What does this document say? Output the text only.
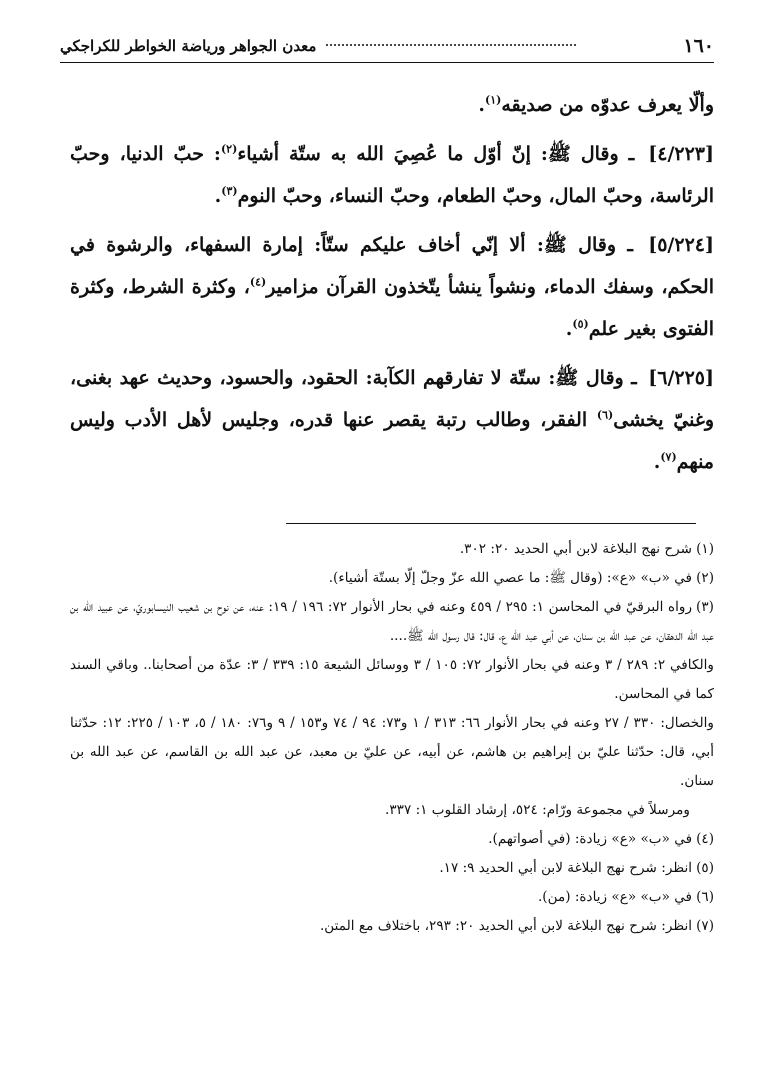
١٦٠
معدن الجواهر ورياضة الخواطر للكراجكي

وألّا يعرف عدوّه من صديقه$^{(١)}$.

[٤/٢٢٣] ـ وقال ﷺ: إنّ أوّل ما عُصِيَ الله به ستّة أشياء$^{(٢)}$: حبّ الدنيا، وحبّ الرئاسة، وحبّ المال، وحبّ الطعام، وحبّ النساء، وحبّ النوم$^{(٣)}$.

[٥/٢٢٤] ـ وقال ﷺ: ألا إنّي أخاف عليكم ستّاً: إمارة السفهاء، والرشوة في الحكم، وسفك الدماء، ونشواً ينشأ يتّخذون القرآن مزامير$^{(٤)}$، وكثرة الشرط، وكثرة الفتوى بغير علم$^{(٥)}$.

[٦/٢٢٥] ـ وقال ﷺ: ستّة لا تفارقهم الكآبة: الحقود، والحسود، وحديث عهد بغنى، وغنيّ يخشى$^{(٦)}$ الفقر، وطالب رتبة يقصر عنها قدره، وجليس لأهل الأدب وليس منهم$^{(٧)}$.

(١)شرح نهج البلاغة لابن أبي الحديد ٢٠: ٣٠٢.

(٢)في «ب» «ع»: (وقال ﷺ: ما عصي الله عزّ وجلّ إلّا بستّة أشياء).

(٣)رواه البرقيّ في المحاسن ١: ٢٩٥ / ٤٥٩ وعنه في بحار الأنوار ٧٢: ١٩٦ / ١٩: عنه، عن نوح بن شعيب النيسابوريّ، عن عبيد الله بن عبد الله الدهقان، عن عبد الله بن سنان، عن أبي عبد الله ع، قال: قال رسول الله ﷺ....

والكافي ٢: ٢٨٩ / ٣ وعنه في بحار الأنوار ٧٢: ١٠٥ / ٣ ووسائل الشيعة ١٥: ٣٣٩ / ٣: عدّة من أصحابنا.. وباقي السند كما في المحاسن.

والخصال: ٣٣٠ / ٢٧ وعنه في بحار الأنوار ٦٦: ٣١٣ / ١ و٧٣: ٩٤ / ٧٤ و١٥٣ / ٩ و٧٦: ١٨٠ / ٥، ١٠٣ / ٢٢٥: ١٢: حدّثنا أبي، قال: حدّثنا عليّ بن إبراهيم بن هاشم، عن أبيه، عن عليّ بن معبد، عن عبد الله بن القاسم، عن عبد الله بن سنان.

ومرسلاً في مجموعة ورّام: ٥٢٤، إرشاد القلوب ١: ٣٣٧.

(٤)في «ب» «ع» زيادة: (في أصواتهم).

(٥)انظر: شرح نهج البلاغة لابن أبي الحديد ٩: ١٧.

(٦)في «ب» «ع» زيادة: (من).

(٧)انظر: شرح نهج البلاغة لابن أبي الحديد ٢٠: ٢٩٣، باختلاف مع المتن.
